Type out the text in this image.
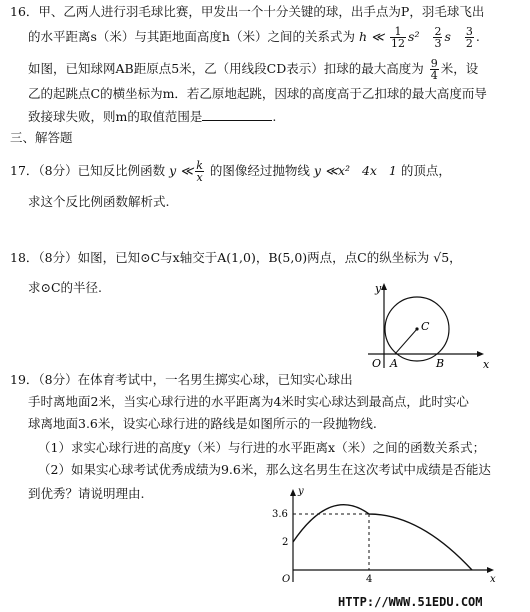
16．甲、乙两人进行羽毛球比赛，甲发出一个十分关键的球，出手点为P，羽毛球飞出
的水平距离s（米）与其距地面高度h（米）之间的关系式为 h ≪ $\frac{1}{12} s^2 \frac{2}{3}$ s $\frac{3}{2}$ .
如图，已知球网AB距原点5米，乙（用线段CD表示）扣球的最大高度为 $\frac{9}{4}$ 米，设
乙的起跳点C的横坐标为m．若乙原地起跳，因球的高度高于乙扣球的最大高度而导
致接球失败，则m的取值范围是	.
三、解答题
17．（8分）已知反比例函数 y ≪ $\frac{k}{x}$ 的图像经过抛物线 y ≪x²   4x   1 的顶点，
求这个反比例函数解析式.
18．（8分）如图，已知⊙C与x轴交于A(1,0)，B(5,0)两点，点C的纵坐标为 √5，
求⊙C的半径.	y
x
O A	B
C
19．（8分）在体育考试中，一名男生掷实心球，已知实心球出
手时离地面2米，当实心球行进的水平距离为4米时实心球达到最高点，此时实心
球离地面3.6米，设实心球行进的路线是如图所示的一段抛物线.
（1）求实心球行进的高度y（米）与行进的水平距离x（米）之间的函数关系式；
（2）如果实心球考试优秀成绩为9.6米，那么这名男生在这次考试中成绩是否能达
到优秀？请说明理由.	y
x
O
3.6
2
4
HTTP://WWW.51EDU.COM
